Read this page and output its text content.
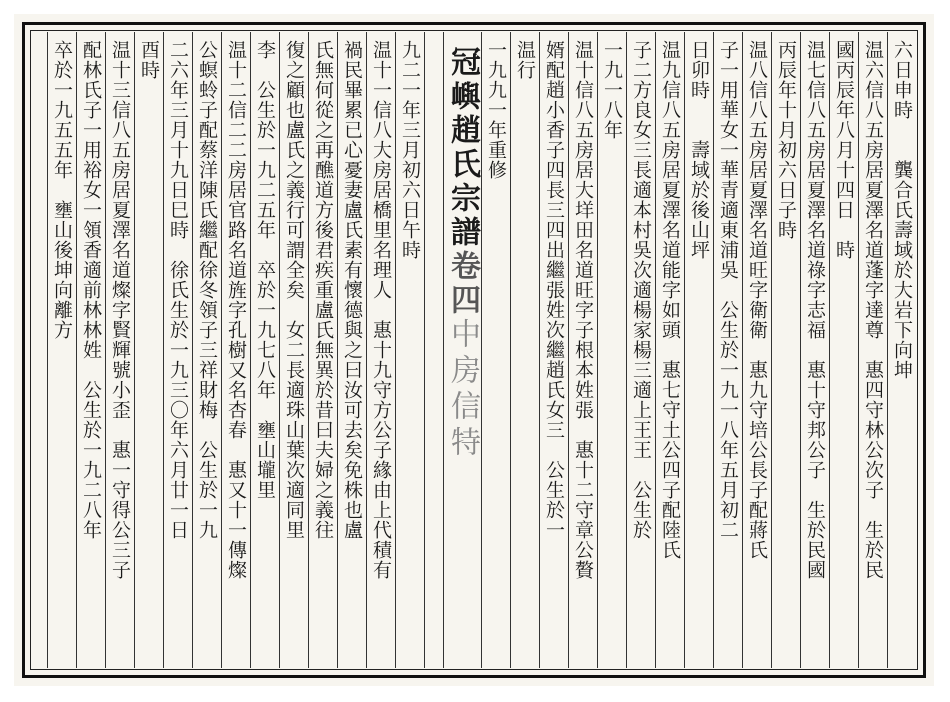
六日申時　　龔合氏壽域於大岩下向坤
温六信八五房居夏澤名道蓬字達尊　惠四守林公次子　生於民
國丙辰年八月十四日　時
温七信八五房居夏澤名道祿字志福　惠十守邦公子　生於民國
丙辰年十月初六日子時
温八信八五房居夏澤名道旺字衛衛　惠九守培公長子配蔣氏
子一用華女一華青適東浦吳　公生於一九一八年五月初二
日卯時　　壽域於後山坪
温九信八五房居夏澤名道能字如頭　惠七守土公四子配陸氏
子二方良女三長適本村吳次適楊家楊三適上王王　公生於
一九一八年
温十信八五房居大垟田名道旺字子根本姓張　惠十二守章公贅
婿配趙小香子四長三四出繼張姓次繼趙氏女三　公生於一
温行
一九九一年重修
冠嶼趙氏宗譜卷四中房信特
九二一年三月初六日午時
温十一信八大房居橋里名理人　惠十九守方公子緣由上代積有
禍民畢累已心憂妻盧氏素有懷德與之曰汝可去矣免株也盧
氏無何從之再醮道方後君疾重盧氏無異於昔曰夫婦之義往
復之顧也盧氏之義行可謂全矣　女二長適珠山葉次適同里
李　公生於一九二五年　卒於一九七八年　壅山壠里
温十二信二二房居官路名道旌字孔樹又名杏春　惠又十一傳燦
公螟蛉子配蔡洋陳氏繼配徐冬領子三祥財梅　公生於一九
二六年三月十九日巳時　徐氏生於一九三〇年六月廿一日
酉時
温十三信八五房居夏澤名道燦字賢輝號小歪　惠一守得公三子
配林氏子一用裕女一領香適前林林姓　公生於一九二八年
卒於一九五五年　壅山後坤向離方
